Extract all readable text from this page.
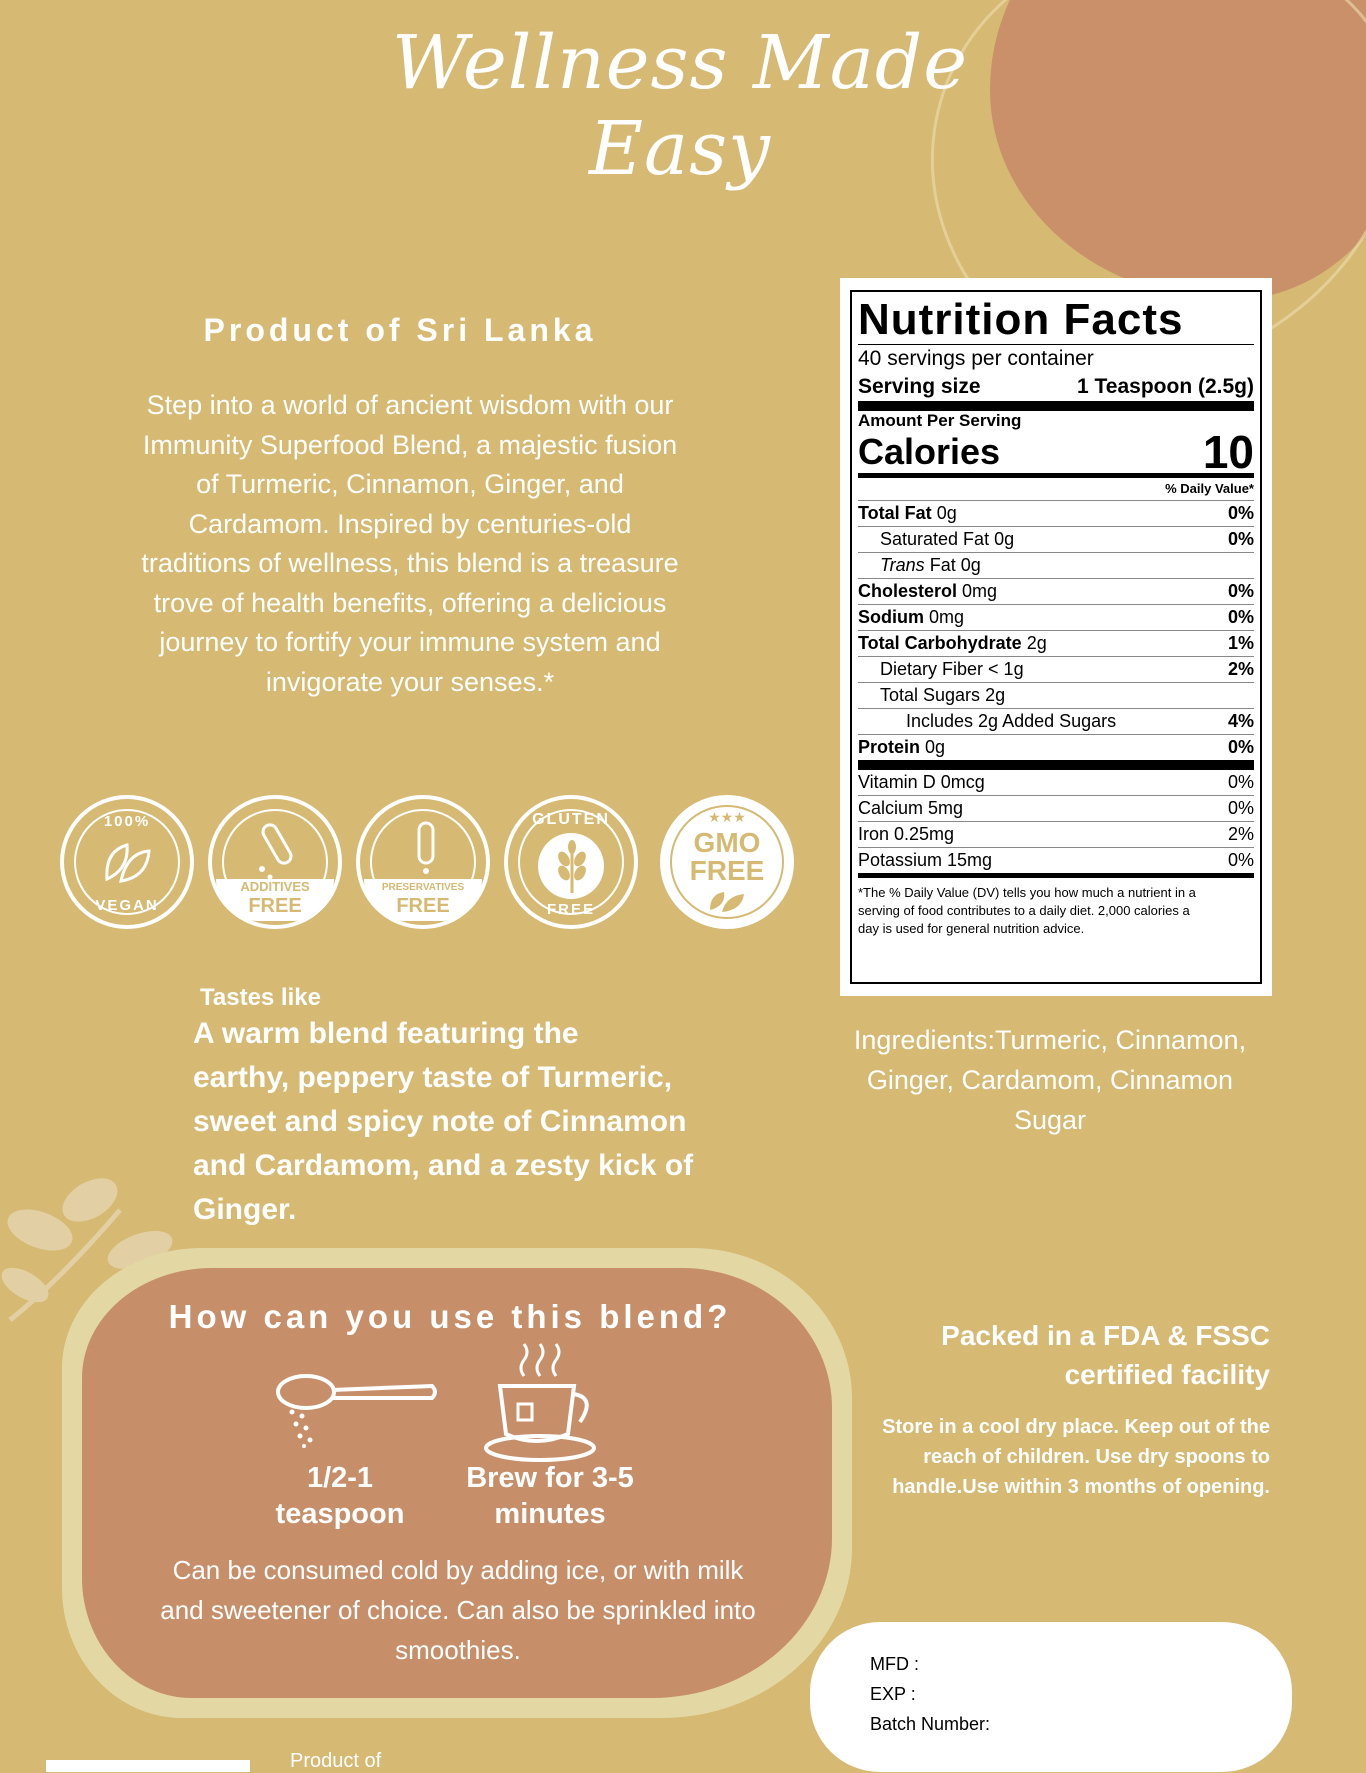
Wellness Made Easy
Product of Sri Lanka
Step into a world of ancient wisdom with our
Immunity Superfood Blend, a majestic fusion
of Turmeric, Cinnamon, Ginger, and
Cardamom. Inspired by centuries-old
traditions of wellness, this blend is a treasure
trove of health benefits, offering a delicious
journey to fortify your immune system and
invigorate your senses.*
100%
VEGAN
ADDITIVES
FREE
PRESERVATIVES
FREE
GLUTEN
FREE
★★★
GMO
FREE
Nutrition Facts
40 servings per container
Serving size	1 Teaspoon (2.5g)
Amount Per Serving
Calories	10
% Daily Value*
Total Fat 0g	0%
Saturated Fat 0g	0%
Trans Fat 0g
Cholesterol 0mg	0%
Sodium 0mg	0%
Total Carbohydrate 2g	1%
Dietary Fiber < 1g	2%
Total Sugars 2g
Includes 2g Added Sugars	4%
Protein 0g	0%
Vitamin D 0mcg	0%
Calcium 5mg	0%
Iron 0.25mg	2%
Potassium 15mg	0%
*The % Daily Value (DV) tells you how much a nutrient in a
serving of food contributes to a daily diet. 2,000 calories a
day is used for general nutrition advice.
Ingredients:Turmeric, Cinnamon,
Ginger, Cardamom, Cinnamon
Sugar
Tastes like
A warm blend featuring the
earthy, peppery taste of Turmeric,
sweet and spicy note of Cinnamon
and Cardamom, and a zesty kick of
Ginger.
How can you use this blend?
1/2-1
teaspoon
Brew for 3-5
minutes
Can be consumed cold by adding ice, or with milk
and sweetener of choice. Can also be sprinkled into
smoothies.
Packed in a FDA & FSSC
certified facility
Store in a cool dry place. Keep out of the
reach of children. Use dry spoons to
handle.Use within 3 months of opening.
MFD :
EXP :
Batch Number:
Product of
